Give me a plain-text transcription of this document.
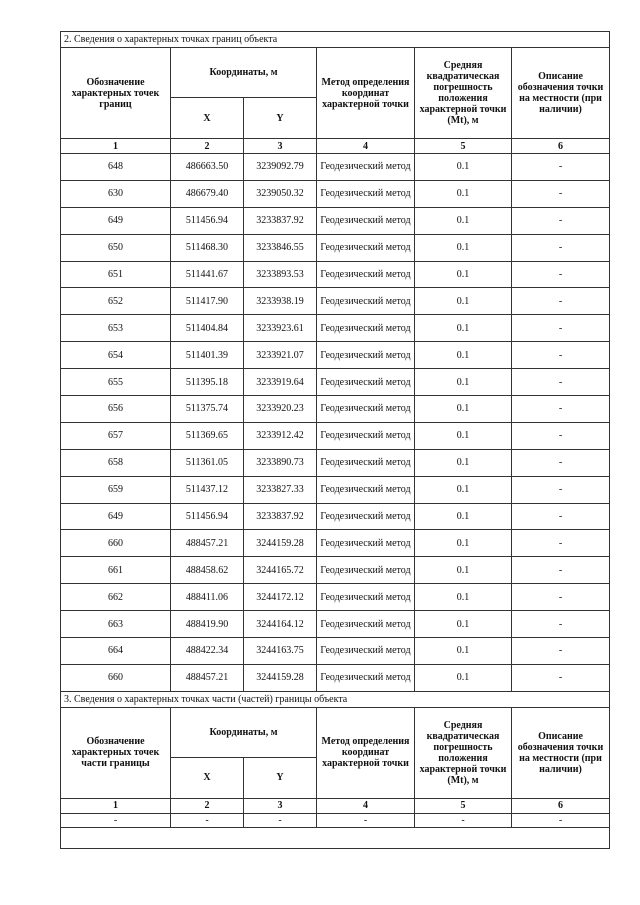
2. Сведения о характерных точках границ объекта					
Обозначение характерных точек границ	Координаты, м		Метод определения координат характерной точки	Средняя квадратическая погрешность положения характерной точки (Mt), м	Описание обозначения точки на местности (при наличии)
	X	Y			
1	2	3	4	5	6
648	486663.50	3239092.79	Геодезический метод	0.1	-
630	486679.40	3239050.32	Геодезический метод	0.1	-
649	511456.94	3233837.92	Геодезический метод	0.1	-
650	511468.30	3233846.55	Геодезический метод	0.1	-
651	511441.67	3233893.53	Геодезический метод	0.1	-
652	511417.90	3233938.19	Геодезический метод	0.1	-
653	511404.84	3233923.61	Геодезический метод	0.1	-
654	511401.39	3233921.07	Геодезический метод	0.1	-
655	511395.18	3233919.64	Геодезический метод	0.1	-
656	511375.74	3233920.23	Геодезический метод	0.1	-
657	511369.65	3233912.42	Геодезический метод	0.1	-
658	511361.05	3233890.73	Геодезический метод	0.1	-
659	511437.12	3233827.33	Геодезический метод	0.1	-
649	511456.94	3233837.92	Геодезический метод	0.1	-
660	488457.21	3244159.28	Геодезический метод	0.1	-
661	488458.62	3244165.72	Геодезический метод	0.1	-
662	488411.06	3244172.12	Геодезический метод	0.1	-
663	488419.90	3244164.12	Геодезический метод	0.1	-
664	488422.34	3244163.75	Геодезический метод	0.1	-
660	488457.21	3244159.28	Геодезический метод	0.1	-
3. Сведения о характерных точках части (частей) границы объекта					
Обозначение характерных точек части границы	Координаты, м		Метод определения координат характерной точки	Средняя квадратическая погрешность положения характерной точки (Mt), м	Описание обозначения точки на местности (при наличии)
	X	Y			
1	2	3	4	5	6
-	-	-	-	-	-
